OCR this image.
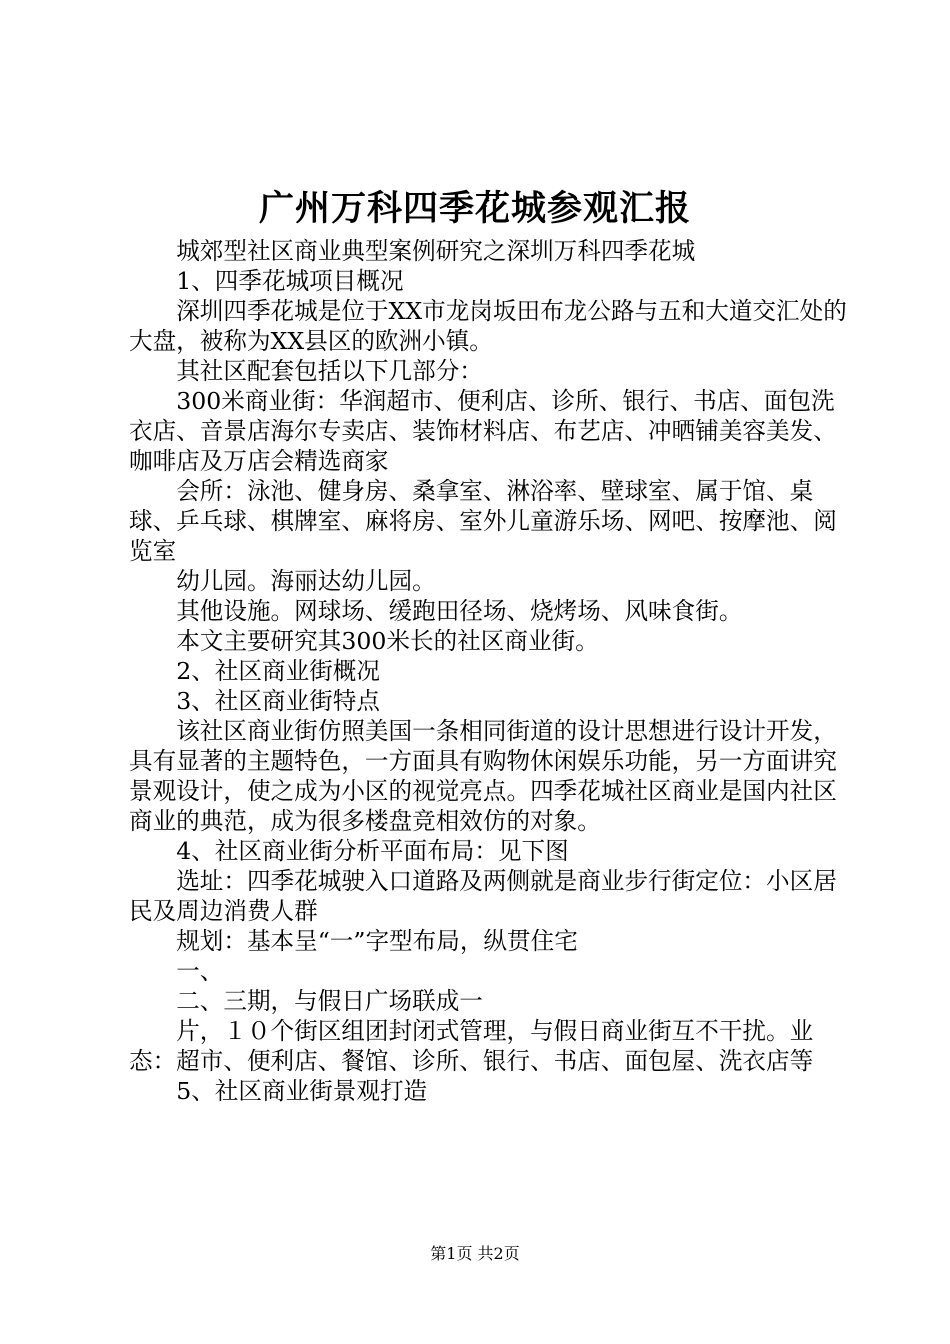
广州万科四季花城参观汇报

城郊型社区商业典型案例研究之深圳万科四季花城

1、四季花城项目概况

深圳四季花城是位于XX市龙岗坂田布龙公路与五和大道交汇处的大盘，被称为XX县区的欧洲小镇。

其社区配套包括以下几部分：

300米商业街：华润超市、便利店、诊所、银行、书店、面包洗衣店、音景店海尔专卖店、装饰材料店、布艺店、冲晒铺美容美发、咖啡店及万店会精选商家

会所：泳池、健身房、桑拿室、淋浴率、壁球室、属于馆、桌球、乒乓球、棋牌室、麻将房、室外儿童游乐场、网吧、按摩池、阅览室

幼儿园。海丽达幼儿园。

其他设施。网球场、缓跑田径场、烧烤场、风味食街。

本文主要研究其300米长的社区商业街。

2、社区商业街概况

3、社区商业街特点

该社区商业街仿照美国一条相同街道的设计思想进行设计开发，具有显著的主题特色，一方面具有购物休闲娱乐功能，另一方面讲究景观设计，使之成为小区的视觉亮点。四季花城社区商业是国内社区商业的典范，成为很多楼盘竞相效仿的对象。

4、社区商业街分析平面布局：见下图

选址：四季花城驶入口道路及两侧就是商业步行街定位：小区居民及周边消费人群

规划：基本呈“一”字型布局，纵贯住宅

一、

二、三期，与假日广场联成一

片，１０个街区组团封闭式管理，与假日商业街互不干扰。业态：超市、便利店、餐馆、诊所、银行、书店、面包屋、洗衣店等

5、社区商业街景观打造

第1页 共2页
